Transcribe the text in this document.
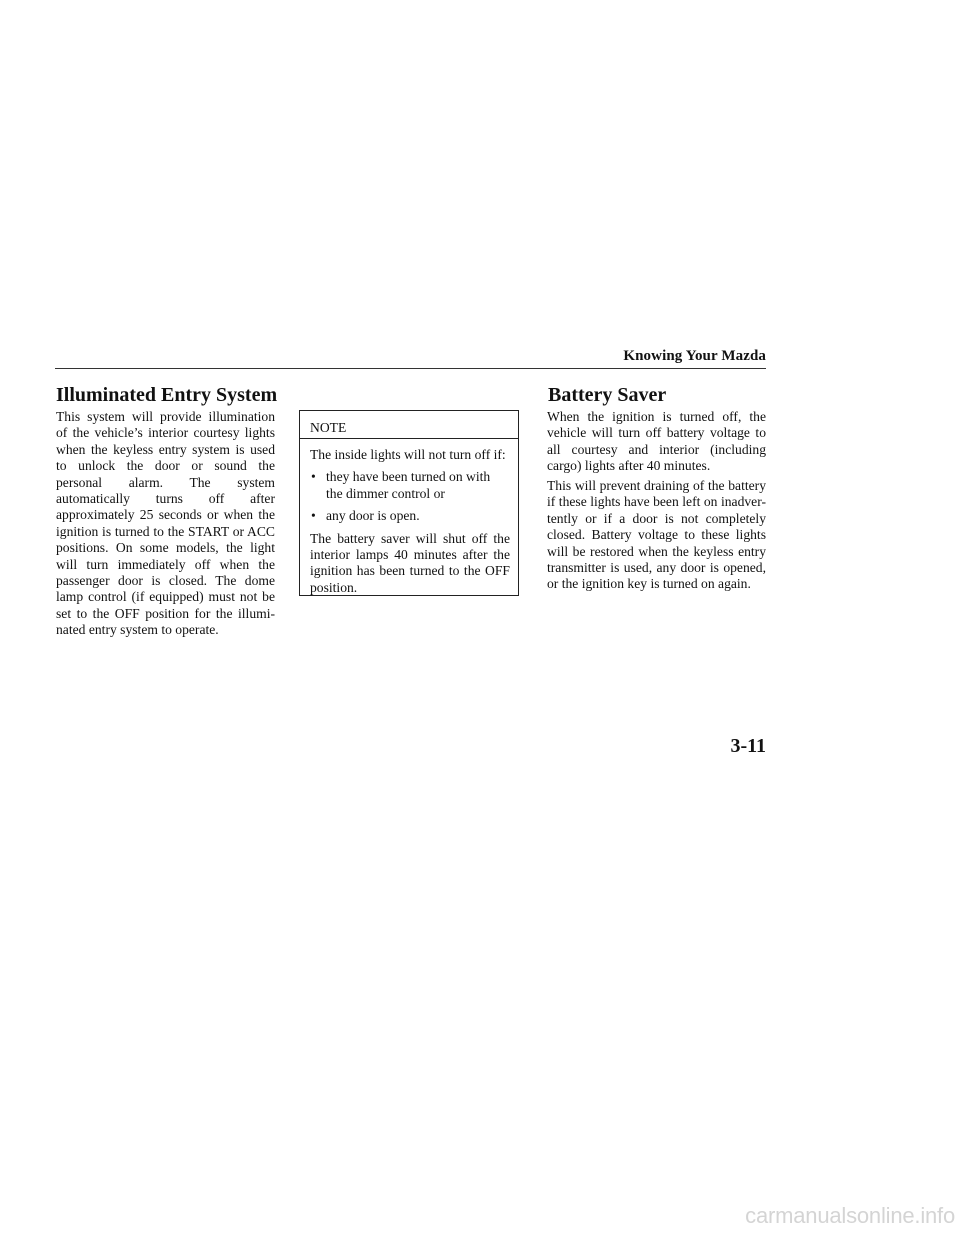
Knowing Your Mazda
Illuminated Entry System

This system will provide illumination of the vehicle’s interior courtesy lights when the keyless entry system is used to unlock the door or sound the personal alarm. The system automatically turns off after approximately 25 seconds or when the ignition is turned to the START or ACC positions. On some models, the light will turn immediately off when the passenger door is closed. The dome lamp control (if equipped) must not be set to the OFF position for the illumi-nated entry system to operate.

NOTE

The inside lights will not turn off if:

• they have been turned on with the dimmer control or
• any door is open.

The battery saver will shut off the interior lamps 40 minutes after the ignition has been turned to the OFF position.

Battery Saver

When the ignition is turned off, the vehicle will turn off battery voltage to all courtesy and interior (including cargo) lights after 40 minutes.

This will prevent draining of the battery if these lights have been left on inadver-tently or if a door is not completely closed. Battery voltage to these lights will be restored when the keyless entry transmitter is used, any door is opened, or the ignition key is turned on again.

3-11
carmanualsonline.info
